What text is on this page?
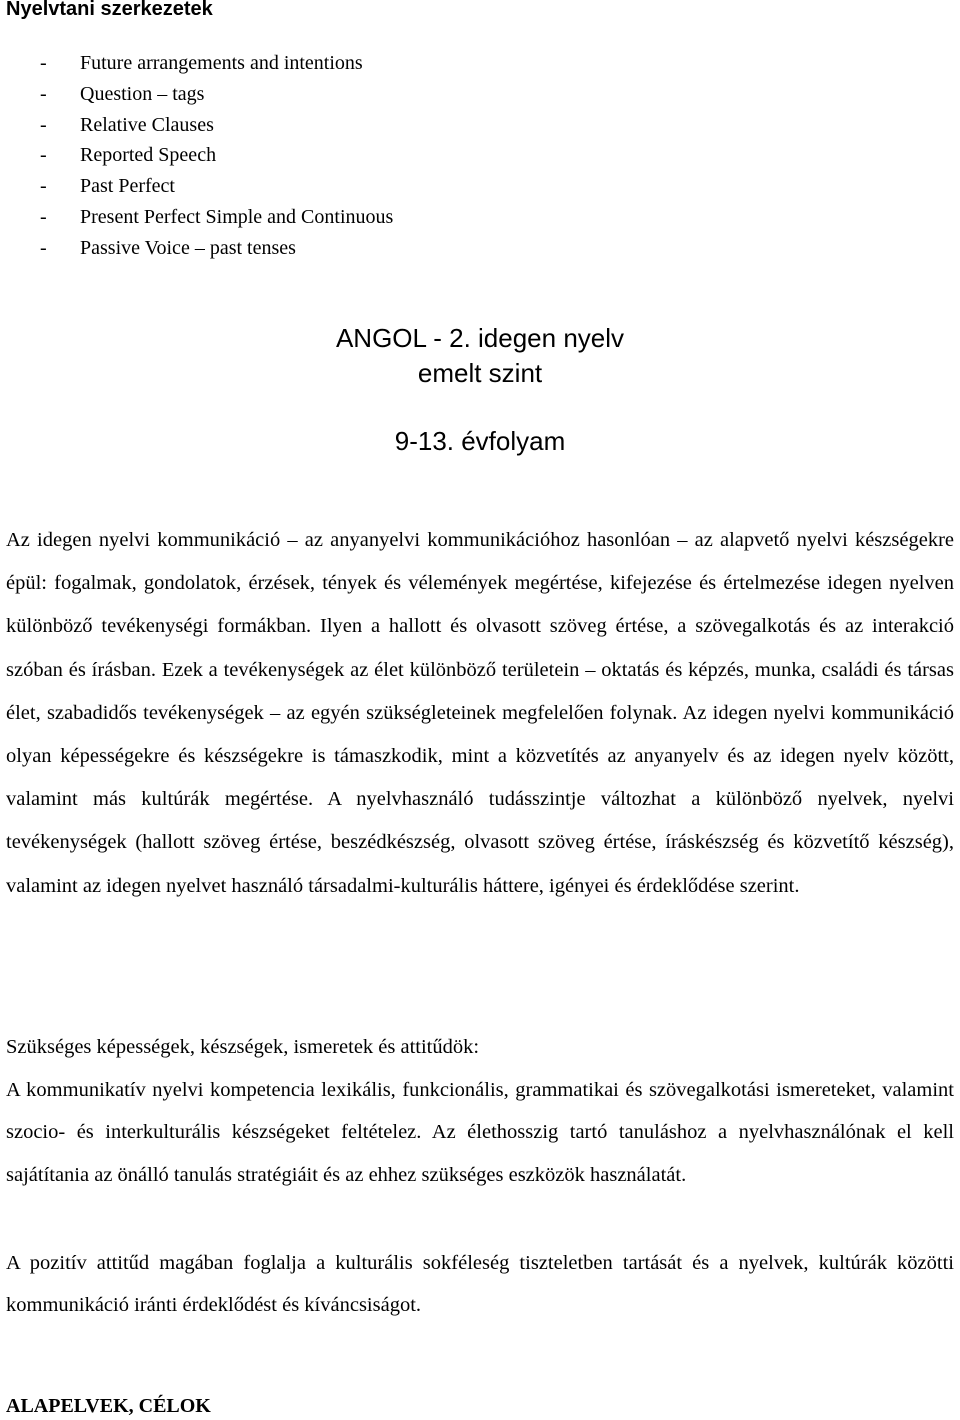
Nyelvtani szerkezetek
- Future arrangements and intentions
- Question – tags
- Relative Clauses
- Reported Speech
- Past Perfect
- Present Perfect Simple and Continuous
- Passive Voice – past tenses
ANGOL - 2. idegen nyelv
emelt szint
9-13. évfolyam

Az idegen nyelvi kommunikáció – az anyanyelvi kommunikációhoz hasonlóan – az alapvető nyelvi készségekre épül: fogalmak, gondolatok, érzések, tények és vélemények megértése, kifejezése és értelmezése idegen nyelven különböző tevékenységi formákban. Ilyen a hallott és olvasott szöveg értése, a szövegalkotás és az interakció szóban és írásban. Ezek a tevékenységek az élet különböző területein – oktatás és képzés, munka, családi és társas élet, szabadidős tevékenységek – az egyén szükségleteinek megfelelően folynak. Az idegen nyelvi kommunikáció olyan képességekre és készségekre is támaszkodik, mint a közvetítés az anyanyelv és az idegen nyelv között, valamint más kultúrák megértése. A nyelvhasználó tudásszintje változhat a különböző nyelvek, nyelvi tevékenységek (hallott szöveg értése, beszédkészség, olvasott szöveg értése, íráskészség és közvetítő készség), valamint az idegen nyelvet használó társadalmi-kulturális háttere, igényei és érdeklődése szerint.

Szükséges képességek, készségek, ismeretek és attitűdök:

A kommunikatív nyelvi kompetencia lexikális, funkcionális, grammatikai és szövegalkotási ismereteket, valamint szocio- és interkulturális készségeket feltételez. Az élethosszig tartó tanuláshoz a nyelvhasználónak el kell sajátítania az önálló tanulás stratégiáit és az ehhez szükséges eszközök használatát.

A pozitív attitűd magában foglalja a kulturális sokféleség tiszteletben tartását és a nyelvek, kultúrák közötti kommunikáció iránti érdeklődést és kíváncsiságot.

ALAPELVEK, CÉLOK
